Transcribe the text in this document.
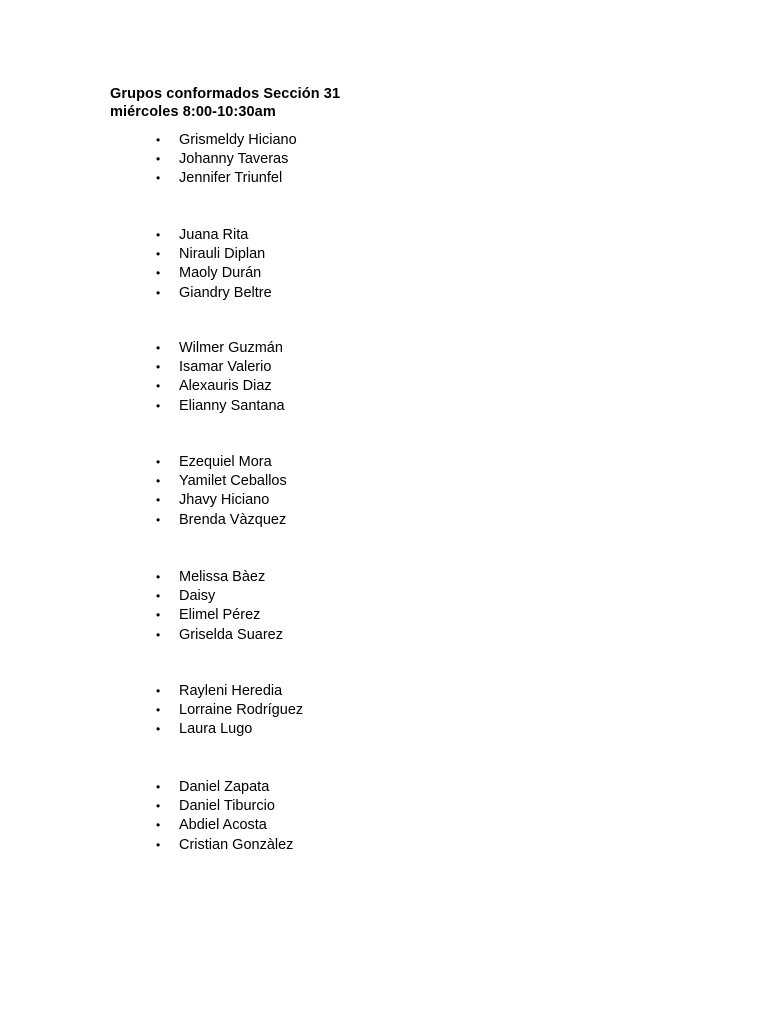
Grupos conformados Sección 31
miércoles 8:00-10:30am
• Grismeldy Hiciano
• Johanny Taveras
• Jennifer Triunfel
• Juana Rita
• Nirauli Diplan
• Maoly Durán
• Giandry Beltre
• Wilmer Guzmán
• Isamar Valerio
• Alexauris Diaz
• Elianny Santana
• Ezequiel Mora
• Yamilet Ceballos
• Jhavy Hiciano
• Brenda Vàzquez
• Melissa Bàez
• Daisy
• Elimel Pérez
• Griselda Suarez
• Rayleni Heredia
• Lorraine Rodríguez
• Laura Lugo
• Daniel Zapata
• Daniel Tiburcio
• Abdiel Acosta
• Cristian Gonzàlez
